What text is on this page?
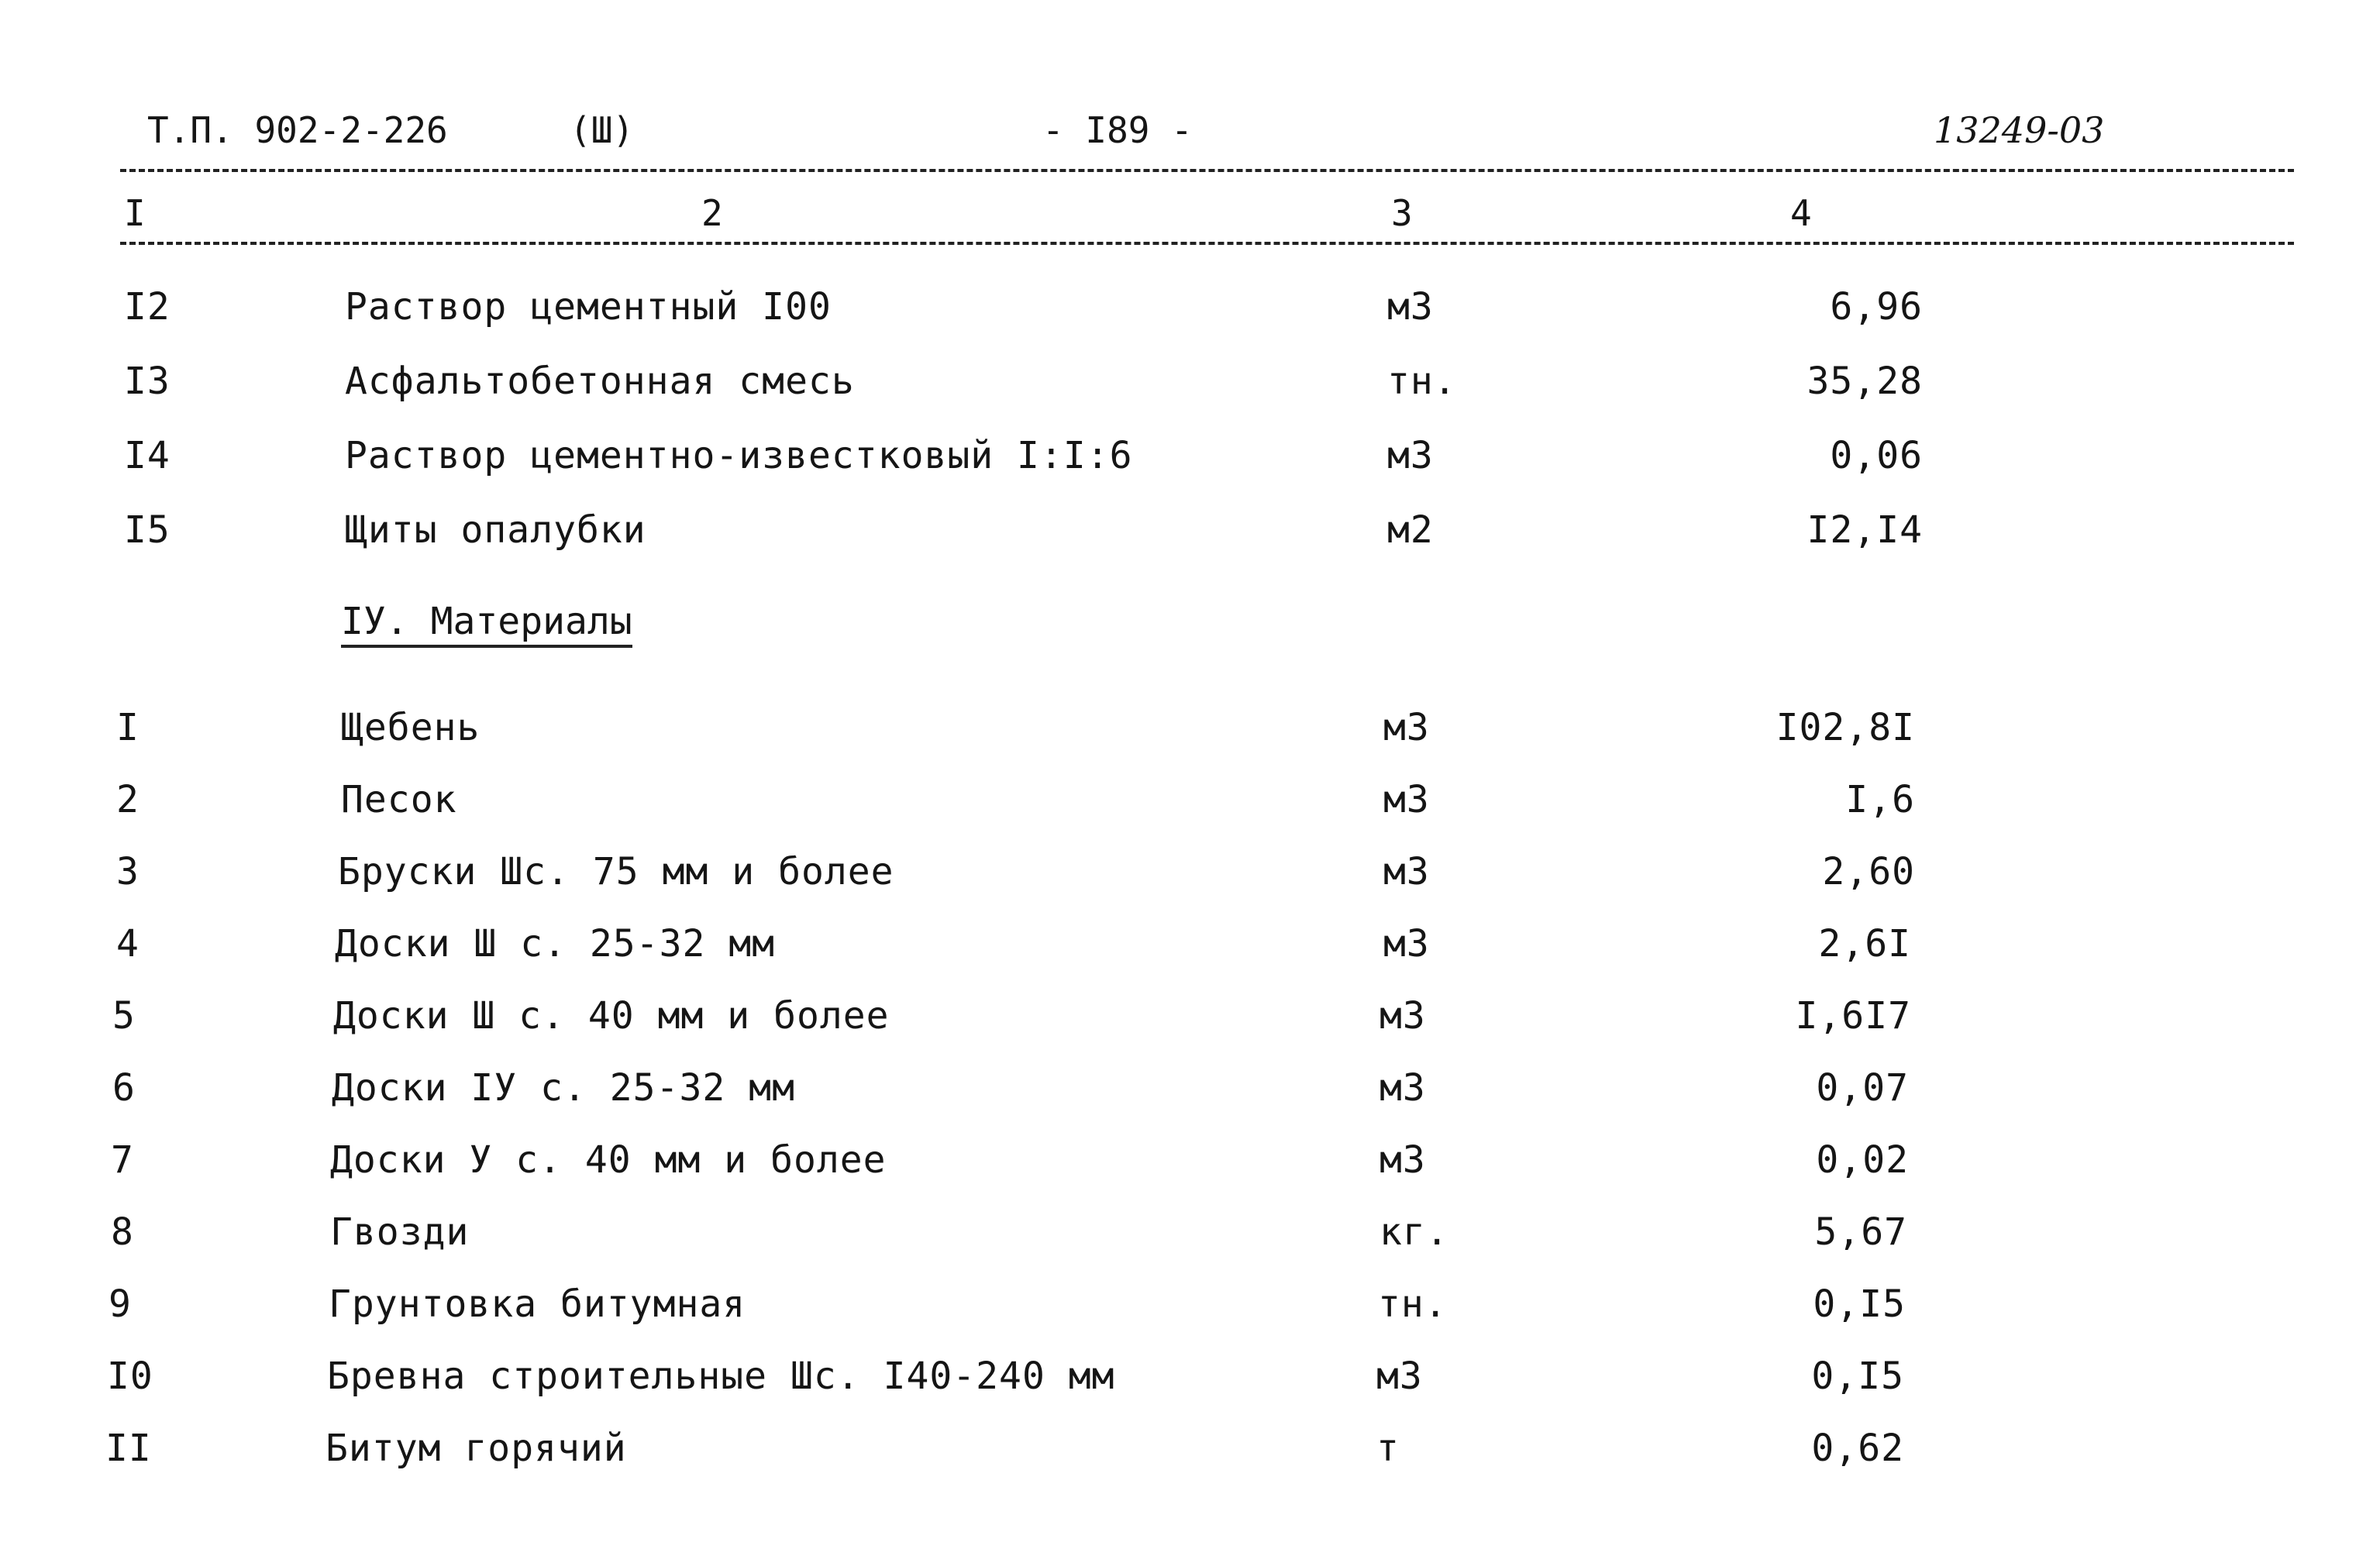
Т.П. 902-2-226	(Ш)	- I89 -	13249-03
I	2	3	4
I2	Раствор цементный I00	м3	6,96
I3	Асфальтобетонная смесь	тн.	35,28
I4	Раствор цементно-известковый I:I:6	м3	0,06
I5	Щиты опалубки	м2	I2,I4
IУ. Материалы
I	Щебень	м3	I02,8I
2	Песок	м3	I,6
3	Бруски Шс. 75 мм и более	м3	2,60
4	Доски Ш с. 25-32 мм	м3	2,6I
5	Доски Ш с. 40 мм и более	м3	I,6I7
6	Доски IУ с. 25-32 мм	м3	0,07
7	Доски У с. 40 мм и более	м3	0,02
8	Гвозди	кг.	5,67
9	Грунтовка битумная	тн.	0,I5
I0	Бревна строительные Шс. I40-240 мм	м3	0,I5
II	Битум горячий	т	0,62
